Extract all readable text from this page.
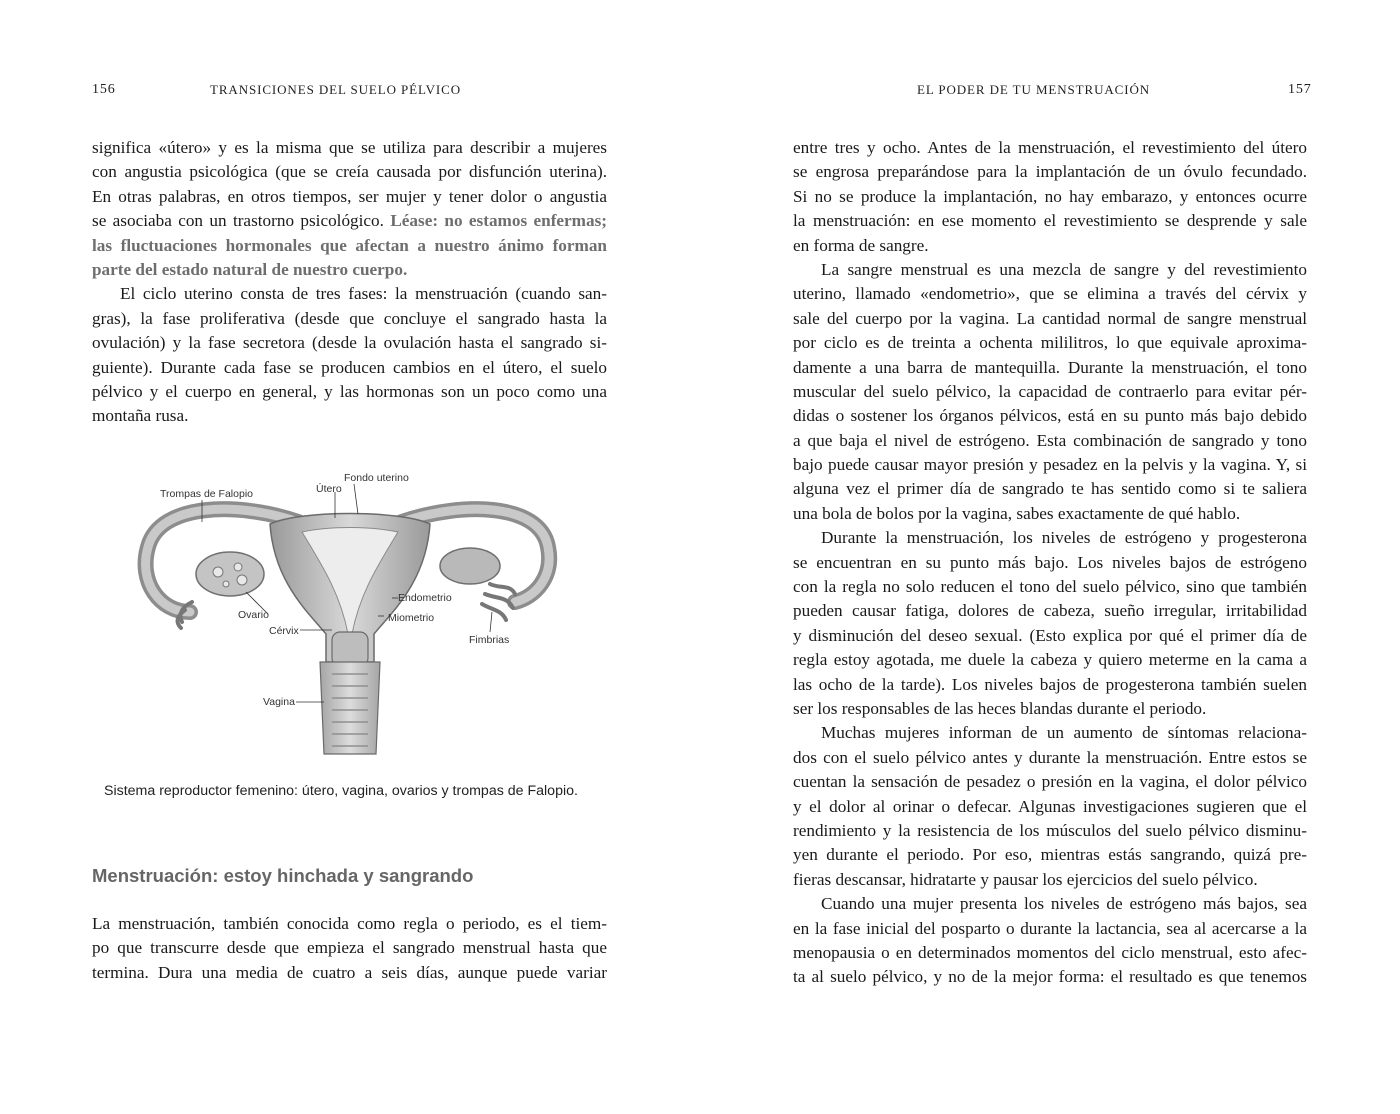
156	TRANSICIONES DEL SUELO PÉLVICO
significa «útero» y es la misma que se utiliza para describir a mujeres
con angustia psicológica (que se creía causada por disfunción uterina).
En otras palabras, en otros tiempos, ser mujer y tener dolor o angustia
se asociaba con un trastorno psicológico. Léase: no estamos enfermas;
las fluctuaciones hormonales que afectan a nuestro ánimo forman
parte del estado natural de nuestro cuerpo.
El ciclo uterino consta de tres fases: la menstruación (cuando san-
gras), la fase proliferativa (desde que concluye el sangrado hasta la
ovulación) y la fase secretora (desde la ovulación hasta el sangrado si-
guiente). Durante cada fase se producen cambios en el útero, el suelo
pélvico y el cuerpo en general, y las hormonas son un poco como una
montaña rusa.
Trompas de Falopio	Útero
Fondo uterino
Endometrio
Ovario	Miometrio
Cérvix
Fimbrias
Vagina
Sistema reproductor femenino: útero, vagina, ovarios y trompas de Falopio.
Menstruación: estoy hinchada y sangrando
La menstruación, también conocida como regla o periodo, es el tiem-
po que transcurre desde que empieza el sangrado menstrual hasta que
termina. Dura una media de cuatro a seis días, aunque puede variar
EL PODER DE TU MENSTRUACIÓN	157
entre tres y ocho. Antes de la menstruación, el revestimiento del útero
se engrosa preparándose para la implantación de un óvulo fecundado.
Si no se produce la implantación, no hay embarazo, y entonces ocurre
la menstruación: en ese momento el revestimiento se desprende y sale
en forma de sangre.
La sangre menstrual es una mezcla de sangre y del revestimiento
uterino, llamado «endometrio», que se elimina a través del cérvix y
sale del cuerpo por la vagina. La cantidad normal de sangre menstrual
por ciclo es de treinta a ochenta mililitros, lo que equivale aproxima-
damente a una barra de mantequilla. Durante la menstruación, el tono
muscular del suelo pélvico, la capacidad de contraerlo para evitar pér-
didas o sostener los órganos pélvicos, está en su punto más bajo debido
a que baja el nivel de estrógeno. Esta combinación de sangrado y tono
bajo puede causar mayor presión y pesadez en la pelvis y la vagina. Y, si
alguna vez el primer día de sangrado te has sentido como si te saliera
una bola de bolos por la vagina, sabes exactamente de qué hablo.
Durante la menstruación, los niveles de estrógeno y progesterona
se encuentran en su punto más bajo. Los niveles bajos de estrógeno
con la regla no solo reducen el tono del suelo pélvico, sino que también
pueden causar fatiga, dolores de cabeza, sueño irregular, irritabilidad
y disminución del deseo sexual. (Esto explica por qué el primer día de
regla estoy agotada, me duele la cabeza y quiero meterme en la cama a
las ocho de la tarde). Los niveles bajos de progesterona también suelen
ser los responsables de las heces blandas durante el periodo.
Muchas mujeres informan de un aumento de síntomas relaciona-
dos con el suelo pélvico antes y durante la menstruación. Entre estos se
cuentan la sensación de pesadez o presión en la vagina, el dolor pélvico
y el dolor al orinar o defecar. Algunas investigaciones sugieren que el
rendimiento y la resistencia de los músculos del suelo pélvico disminu-
yen durante el periodo. Por eso, mientras estás sangrando, quizá pre-
fieras descansar, hidratarte y pausar los ejercicios del suelo pélvico.
Cuando una mujer presenta los niveles de estrógeno más bajos, sea
en la fase inicial del posparto o durante la lactancia, sea al acercarse a la
menopausia o en determinados momentos del ciclo menstrual, esto afec-
ta al suelo pélvico, y no de la mejor forma: el resultado es que tenemos
